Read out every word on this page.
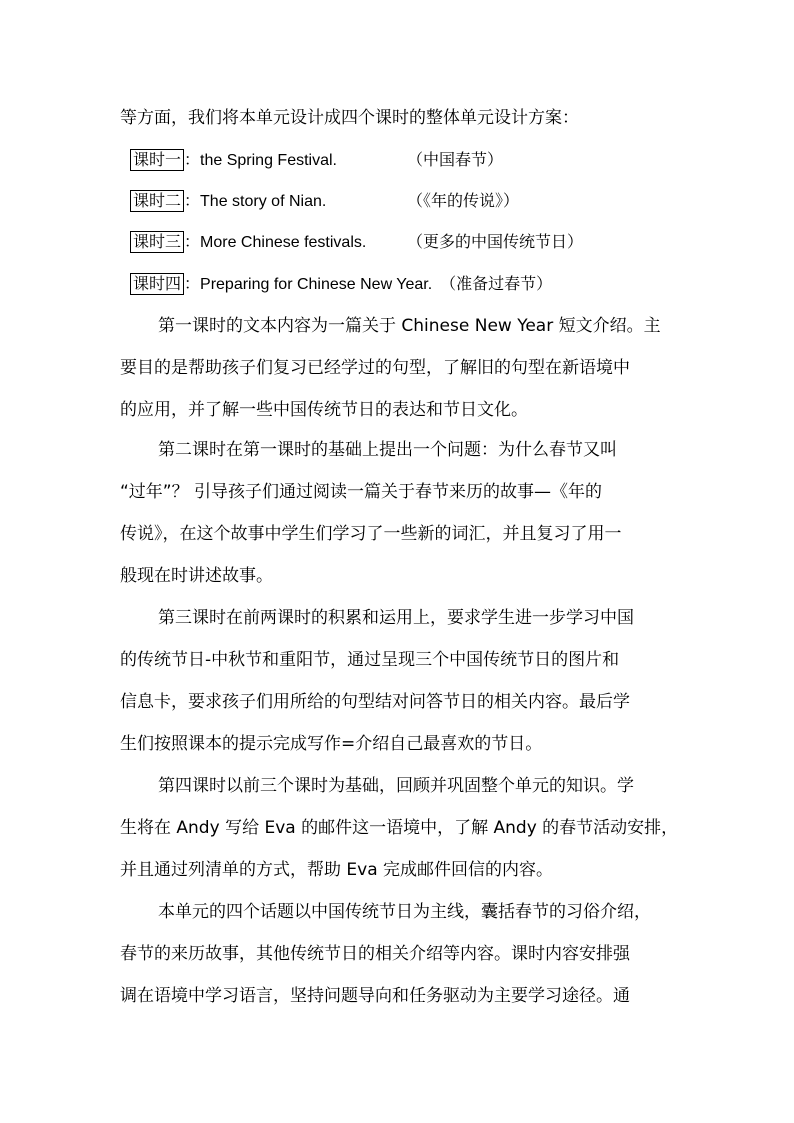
等方面，我们将本单元设计成四个课时的整体单元设计方案：
课时一 ：the Spring Festival.	（中国春节）
课时二 ：The story of Nian.	（《年的传说》）
课时三 ：More Chinese festivals.	（更多的中国传统节日）
课时四 ：Preparing for Chinese New Year. （准备过春节）
第一课时的文本内容为一篇关于 Chinese New Year 短文介绍。主
要目的是帮助孩子们复习已经学过的句型，了解旧的句型在新语境中
的应用，并了解一些中国传统节日的表达和节日文化。
第二课时在第一课时的基础上提出一个问题：为什么春节又叫
“过年”？ 引导孩子们通过阅读一篇关于春节来历的故事—《年的
传说》，在这个故事中学生们学习了一些新的词汇，并且复习了用一
般现在时讲述故事。
第三课时在前两课时的积累和运用上，要求学生进一步学习中国
的传统节日-中秋节和重阳节，通过呈现三个中国传统节日的图片和
信息卡，要求孩子们用所给的句型结对问答节日的相关内容。最后学
生们按照课本的提示完成写作=介绍自己最喜欢的节日。
第四课时以前三个课时为基础，回顾并巩固整个单元的知识。学
生将在 Andy 写给 Eva 的邮件这一语境中，了解 Andy 的春节活动安排，
并且通过列清单的方式，帮助 Eva 完成邮件回信的内容。
本单元的四个话题以中国传统节日为主线，囊括春节的习俗介绍，
春节的来历故事，其他传统节日的相关介绍等内容。课时内容安排强
调在语境中学习语言，坚持问题导向和任务驱动为主要学习途径。通
